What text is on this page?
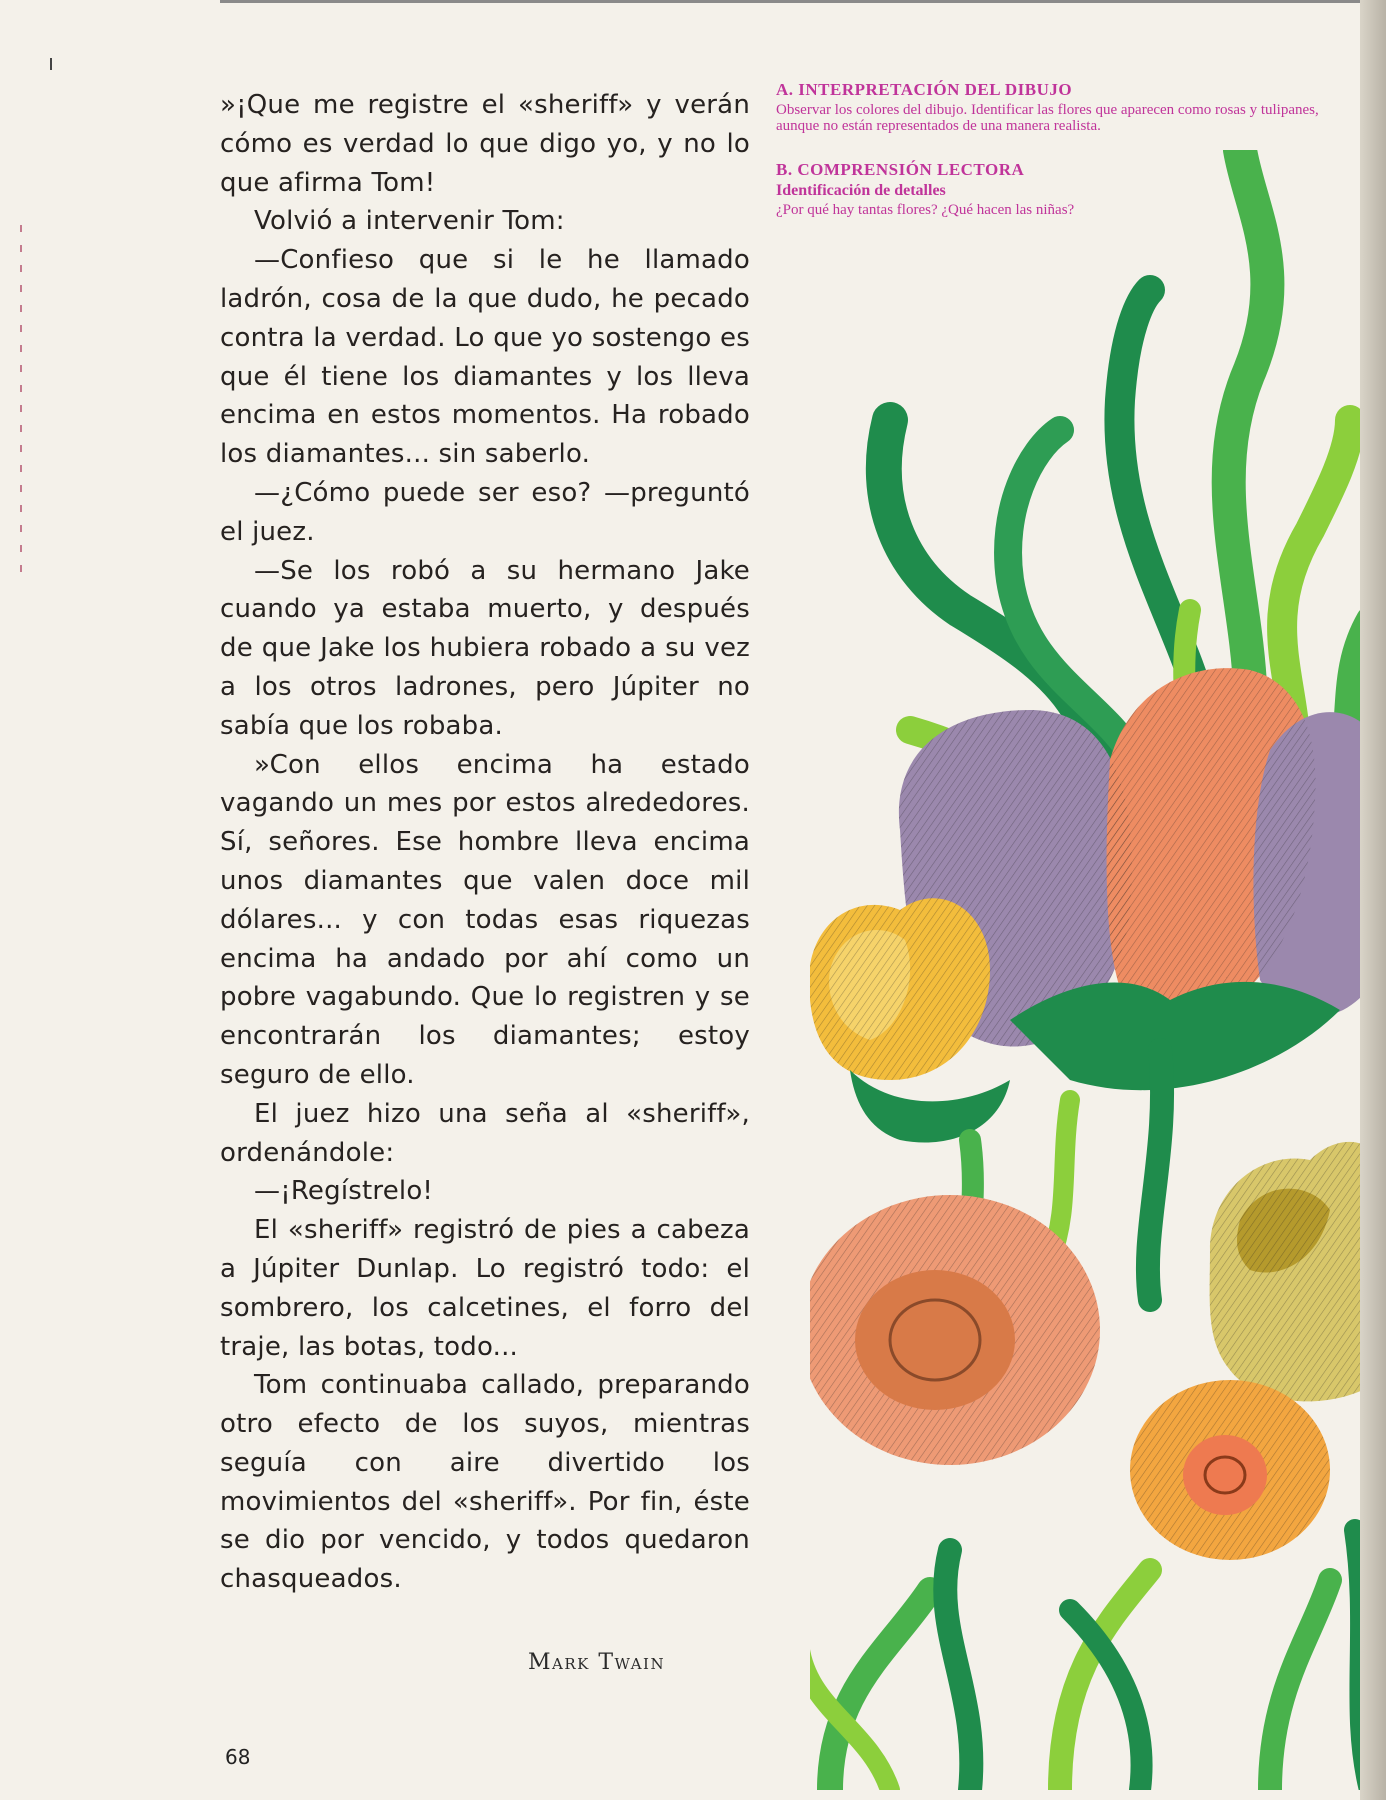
»¡Que me registre el «sheriff» y verán cómo es verdad lo que digo yo, y no lo que afirma Tom!

Volvió a intervenir Tom:

—Confieso que si le he llamado ladrón, cosa de la que dudo, he pecado contra la verdad. Lo que yo sostengo es que él tiene los diamantes y los lleva encima en estos momentos. Ha robado los diamantes... sin saberlo.

—¿Cómo puede ser eso? —preguntó el juez.

—Se los robó a su hermano Jake cuando ya estaba muerto, y después de que Jake los hubiera robado a su vez a los otros ladrones, pero Júpiter no sabía que los robaba.

»Con ellos encima ha estado vagando un mes por estos alrededores. Sí, señores. Ese hombre lleva encima unos diamantes que valen doce mil dólares... y con todas esas riquezas encima ha andado por ahí como un pobre vagabundo. Que lo registren y se encontrarán los diamantes; estoy seguro de ello.

El juez hizo una seña al «sheriff», ordenándole:

—¡Regístrelo!

El «sheriff» registró de pies a cabeza a Júpiter Dunlap. Lo registró todo: el sombrero, los calcetines, el forro del traje, las botas, todo...

Tom continuaba callado, preparando otro efecto de los suyos, mientras seguía con aire divertido los movimientos del «sheriff». Por fin, éste se dio por vencido, y todos quedaron chasqueados.

Mark Twain
68

A. INTERPRETACIÓN DEL DIBUJO

Observar los colores del dibujo. Identificar las flores que aparecen como rosas y tulipanes, aunque no están representados de una manera realista.

B. COMPRENSIÓN LECTORA

Identificación de detalles

¿Por qué hay tantas flores? ¿Qué hacen las niñas?
